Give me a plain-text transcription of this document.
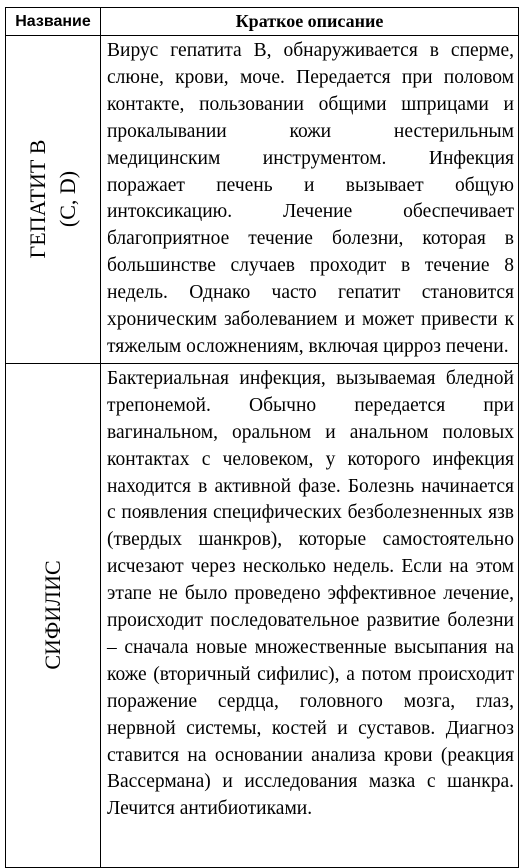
Название	Краткое описание

ГЕПАТИТ В (С, D)	Вирус гепатита В, обнаруживается в сперме, слюне, крови, моче. Передается при половом контакте, пользовании общими шприцами и прокалывании кожи нестерильным медицинским инструментом. Инфекция поражает печень и вызывает общую интоксикацию. Лечение обеспечивает благоприятное течение болезни, которая в большинстве случаев проходит в течение 8 недель. Однако часто гепатит становится хроническим заболеванием и может привести к тяжелым осложнениям, включая цирроз печени.

СИФИЛИС	Бактериальная инфекция, вызываемая бледной трепонемой. Обычно передается при вагинальном, оральном и анальном половых контактах с человеком, у которого инфекция находится в активной фазе. Болезнь начинается с появления специфических безболезненных язв (твердых шанкров), которые самостоятельно исчезают через несколько недель. Если на этом этапе не было проведено эффективное лечение, происходит последовательное развитие болезни – сначала новые множественные высыпания на коже (вторичный сифилис), а потом происходит поражение сердца, головного мозга, глаз, нервной системы, костей и суставов. Диагноз ставится на основании анализа крови (реакция Вассермана) и исследования мазка с шанкра. Лечится антибиотиками.
